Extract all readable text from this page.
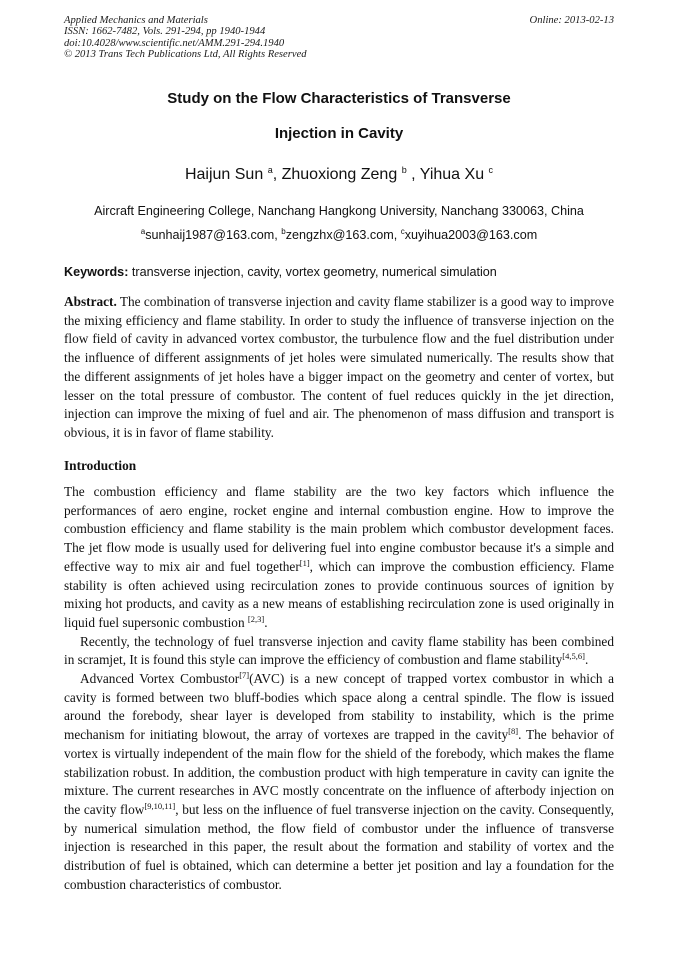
Applied Mechanics and Materials
ISSN: 1662-7482, Vols. 291-294, pp 1940-1944
doi:10.4028/www.scientific.net/AMM.291-294.1940
© 2013 Trans Tech Publications Ltd, All Rights Reserved
Online: 2013-02-13
Study on the Flow Characteristics of Transverse
Injection in Cavity
Haijun Sun $^a$, Zhuoxiong Zeng $^b$ , Yihua Xu $^c$
Aircraft Engineering College, Nanchang Hangkong University, Nanchang 330063, China
$^a$sunhaij1987@163.com, $^b$zengzhx@163.com, $^c$xuyihua2003@163.com
Keywords: transverse injection, cavity, vortex geometry, numerical simulation
Abstract. The combination of transverse injection and cavity flame stabilizer is a good way to improve the mixing efficiency and flame stability. In order to study the influence of transverse injection on the flow field of cavity in advanced vortex combustor, the turbulence flow and the fuel distribution under the influence of different assignments of jet holes were simulated numerically. The results show that the different assignments of jet holes have a bigger impact on the geometry and center of vortex, but lesser on the total pressure of combustor. The content of fuel reduces quickly in the jet direction, injection can improve the mixing of fuel and air. The phenomenon of mass diffusion and transport is obvious, it is in favor of flame stability.
Introduction

The combustion efficiency and flame stability are the two key factors which influence the performances of aero engine, rocket engine and internal combustion engine. How to improve the combustion efficiency and flame stability is the main problem which combustor development faces. The jet flow mode is usually used for delivering fuel into engine combustor because it's a simple and effective way to mix air and fuel together[1], which can improve the combustion efficiency. Flame stability is often achieved using recirculation zones to provide continuous sources of ignition by mixing hot products, and cavity as a new means of establishing recirculation zone is used originally in liquid fuel supersonic combustion [2,3].

Recently, the technology of fuel transverse injection and cavity flame stability has been combined in scramjet, It is found this style can improve the efficiency of combustion and flame stability[4,5,6].

Advanced Vortex Combustor[7](AVC) is a new concept of trapped vortex combustor in which a cavity is formed between two bluff-bodies which space along a central spindle. The flow is issued around the forebody, shear layer is developed from stability to instability, which is the prime mechanism for initiating blowout, the array of vortexes are trapped in the cavity[8]. The behavior of vortex is virtually independent of the main flow for the shield of the forebody, which makes the flame stabilization robust. In addition, the combustion product with high temperature in cavity can ignite the mixture. The current researches in AVC mostly concentrate on the influence of afterbody injection on the cavity flow[9,10,11], but less on the influence of fuel transverse injection on the cavity. Consequently, by numerical simulation method, the flow field of combustor under the influence of transverse injection is researched in this paper, the result about the formation and stability of vortex and the distribution of fuel is obtained, which can determine a better jet position and lay a foundation for the combustion characteristics of combustor.
